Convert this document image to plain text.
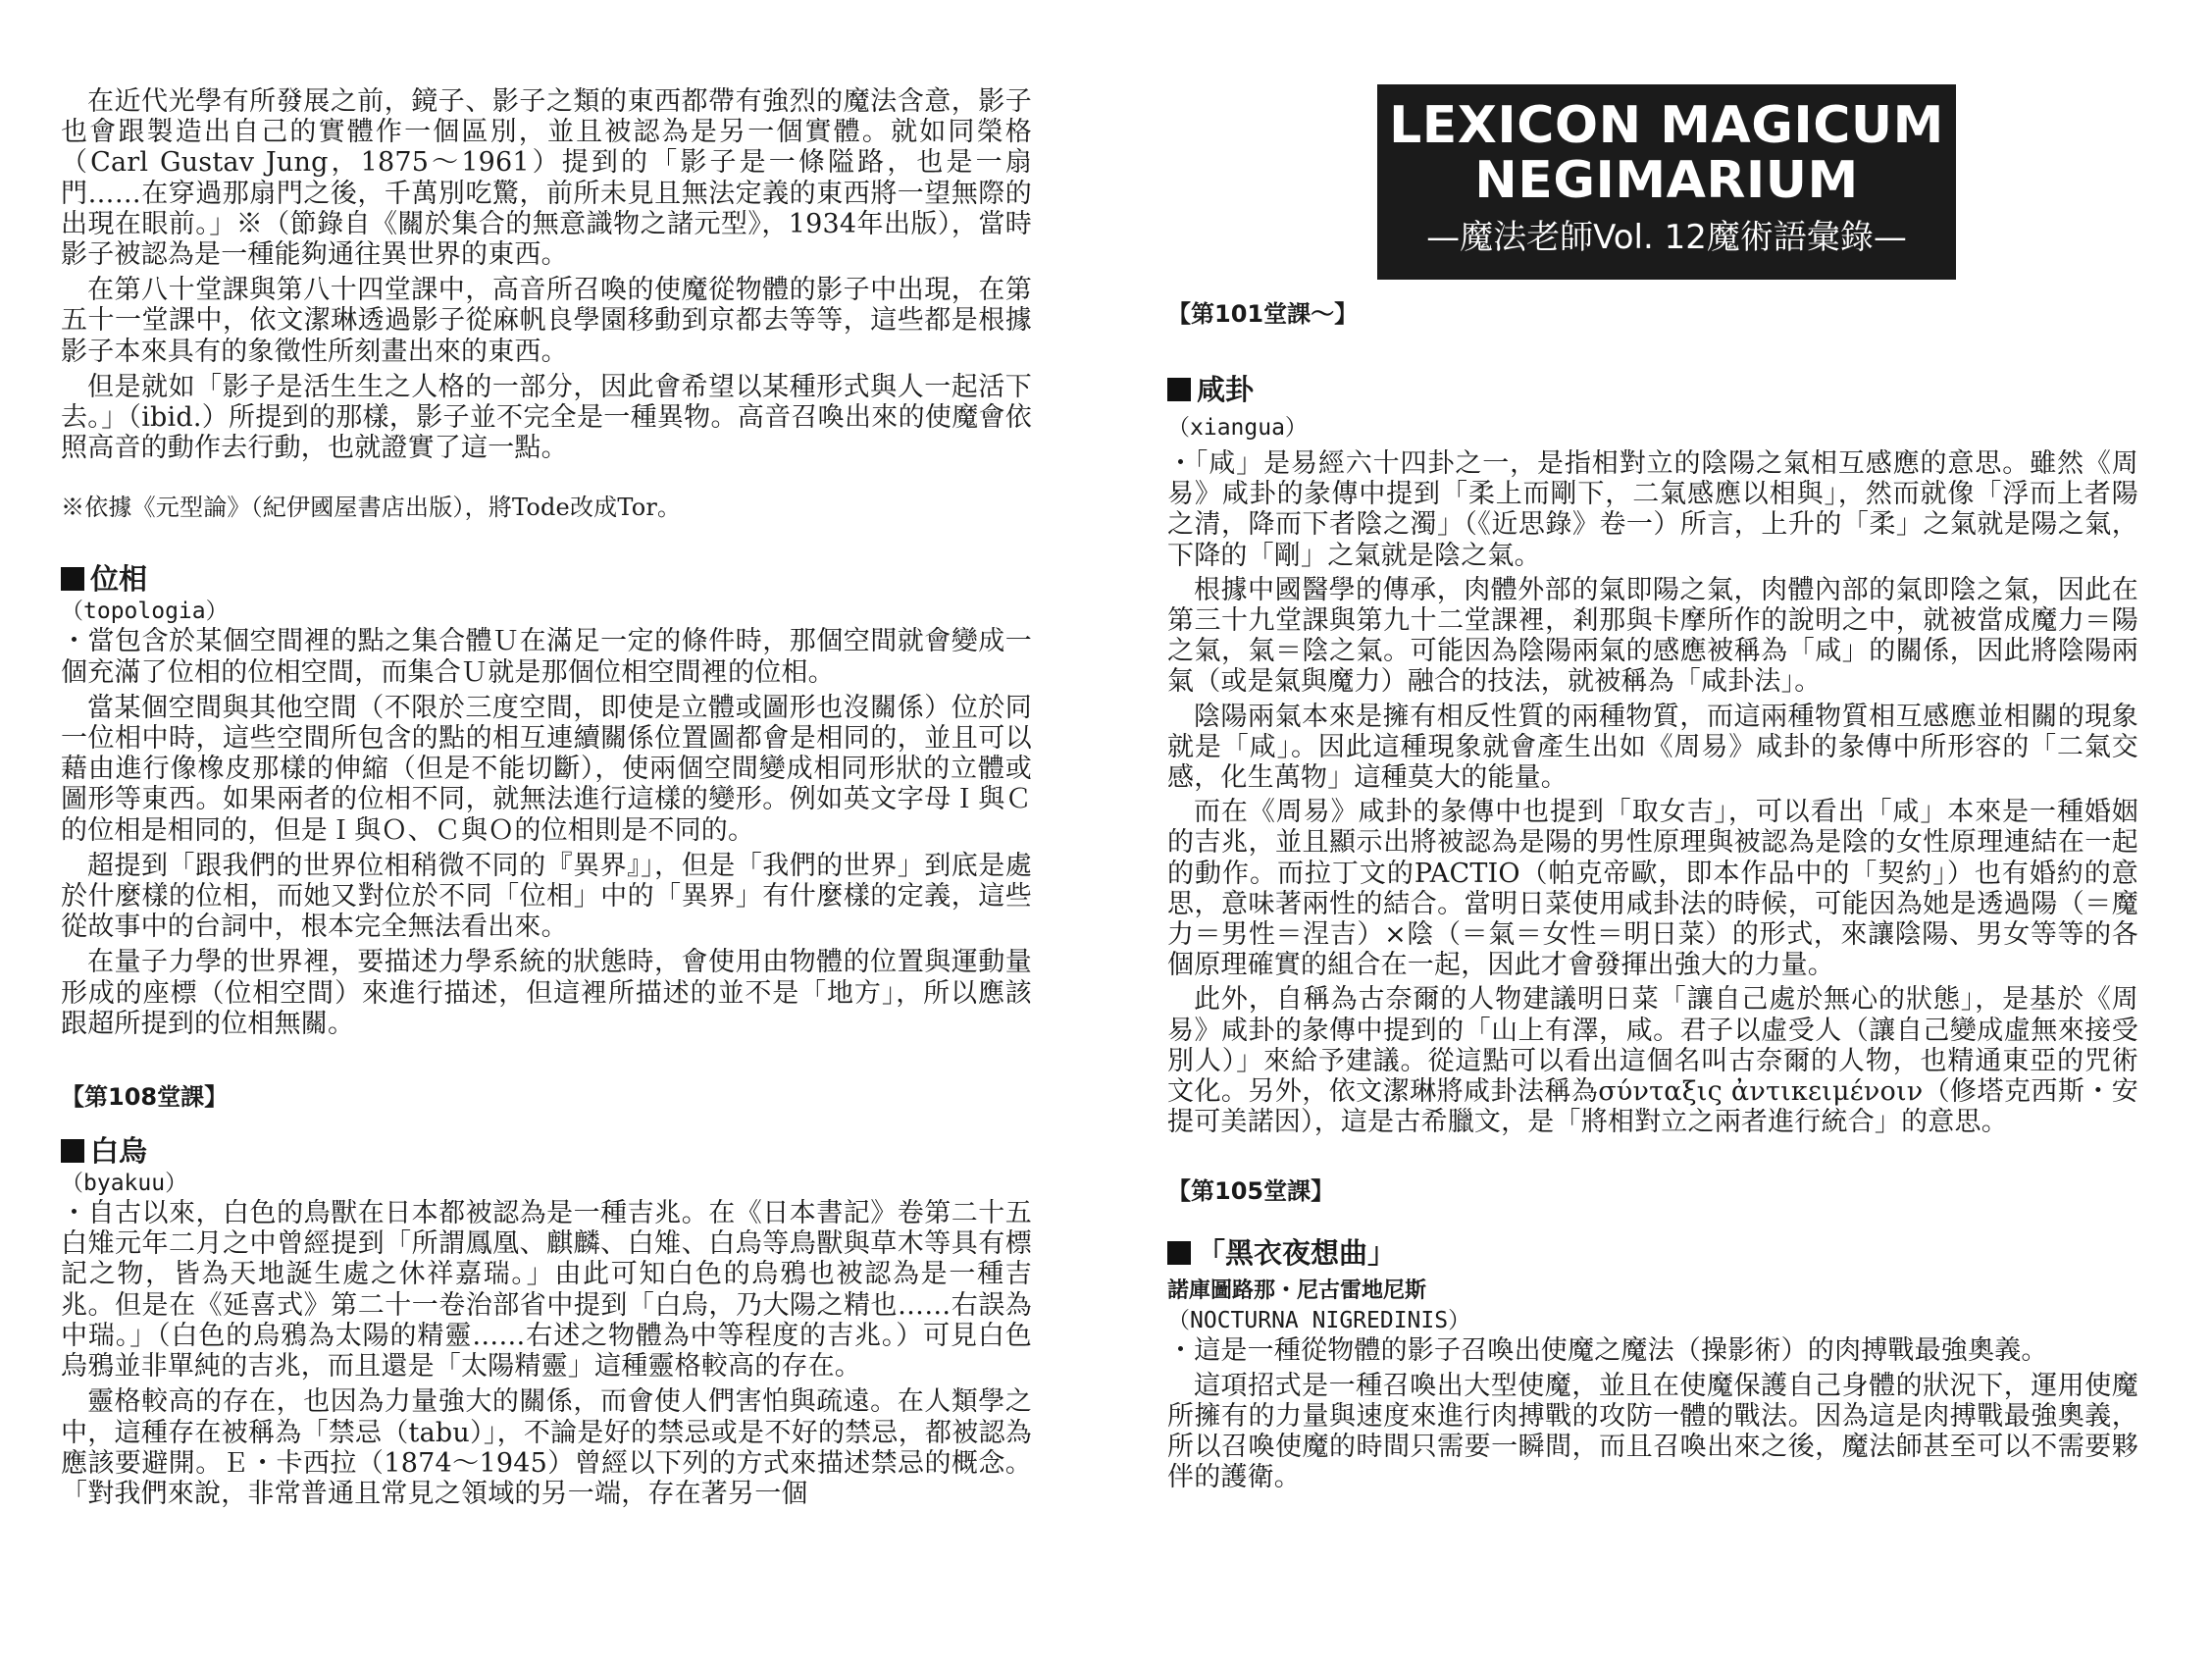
在近代光學有所發展之前，鏡子、影子之類的東西都帶有強烈的魔法含意，影子也會跟製造出自己的實體作一個區別，並且被認為是另一個實體。就如同榮格（Carl Gustav Jung，1875～1961）提到的「影子是一條隘路，也是一扇門……在穿過那扇門之後，千萬別吃驚，前所未見且無法定義的東西將一望無際的出現在眼前。」※（節錄自《關於集合的無意識物之諸元型》，1934年出版），當時影子被認為是一種能夠通往異世界的東西。

在第八十堂課與第八十四堂課中，高音所召喚的使魔從物體的影子中出現，在第五十一堂課中，依文潔琳透過影子從麻帆良學園移動到京都去等等，這些都是根據影子本來具有的象徵性所刻畫出來的東西。

但是就如「影子是活生生之人格的一部分，因此會希望以某種形式與人一起活下去。」（ibid.）所提到的那樣，影子並不完全是一種異物。高音召喚出來的使魔會依照高音的動作去行動，也就證實了這一點。

※依據《元型論》（紀伊國屋書店出版），將Tode改成Tor。

位相
（topologia）

・當包含於某個空間裡的點之集合體Ｕ在滿足一定的條件時，那個空間就會變成一個充滿了位相的位相空間，而集合Ｕ就是那個位相空間裡的位相。

當某個空間與其他空間（不限於三度空間，即使是立體或圖形也沒關係）位於同一位相中時，這些空間所包含的點的相互連續關係位置圖都會是相同的，並且可以藉由進行像橡皮那樣的伸縮（但是不能切斷），使兩個空間變成相同形狀的立體或圖形等東西。如果兩者的位相不同，就無法進行這樣的變形。例如英文字母Ｉ與Ｃ的位相是相同的，但是Ｉ與Ｏ、Ｃ與Ｏ的位相則是不同的。

超提到「跟我們的世界位相稍微不同的『異界』」，但是「我們的世界」到底是處於什麼樣的位相，而她又對位於不同「位相」中的「異界」有什麼樣的定義，這些從故事中的台詞中，根本完全無法看出來。

在量子力學的世界裡，要描述力學系統的狀態時，會使用由物體的位置與運動量形成的座標（位相空間）來進行描述，但這裡所描述的並不是「地方」，所以應該跟超所提到的位相無關。

【第108堂課】
白烏
（byakuu）

・自古以來，白色的鳥獸在日本都被認為是一種吉兆。在《日本書記》卷第二十五白雉元年二月之中曾經提到「所謂鳳凰、麒麟、白雉、白烏等鳥獸與草木等具有標記之物，皆為天地誕生處之休祥嘉瑞。」由此可知白色的烏鴉也被認為是一種吉兆。但是在《延喜式》第二十一卷治部省中提到「白烏，乃大陽之精也……右誤為中瑞。」（白色的烏鴉為太陽的精靈……右述之物體為中等程度的吉兆。）可見白色烏鴉並非單純的吉兆，而且還是「太陽精靈」這種靈格較高的存在。

靈格較高的存在，也因為力量強大的關係，而會使人們害怕與疏遠。在人類學之中，這種存在被稱為「禁忌（tabu）」，不論是好的禁忌或是不好的禁忌，都被認為應該要避開。Ｅ・卡西拉（1874～1945）曾經以下列的方式來描述禁忌的概念。「對我們來說，非常普通且常見之領域的另一端，存在著另一個

LEXICON MAGICUM
NEGIMARIUM
—魔法老師Vol. 12魔術語彙錄—
【第101堂課～】
咸卦
（xiangua）

・「咸」是易經六十四卦之一，是指相對立的陰陽之氣相互感應的意思。雖然《周易》咸卦的彖傳中提到「柔上而剛下，二氣感應以相與」，然而就像「浮而上者陽之清，降而下者陰之濁」（《近思錄》卷一）所言，上升的「柔」之氣就是陽之氣，下降的「剛」之氣就是陰之氣。

根據中國醫學的傳承，肉體外部的氣即陽之氣，肉體內部的氣即陰之氣，因此在第三十九堂課與第九十二堂課裡，剎那與卡摩所作的說明之中，就被當成魔力＝陽之氣，氣＝陰之氣。可能因為陰陽兩氣的感應被稱為「咸」的關係，因此將陰陽兩氣（或是氣與魔力）融合的技法，就被稱為「咸卦法」。

陰陽兩氣本來是擁有相反性質的兩種物質，而這兩種物質相互感應並相關的現象就是「咸」。因此這種現象就會產生出如《周易》咸卦的彖傳中所形容的「二氣交感，化生萬物」這種莫大的能量。

而在《周易》咸卦的彖傳中也提到「取女吉」，可以看出「咸」本來是一種婚姻的吉兆，並且顯示出將被認為是陽的男性原理與被認為是陰的女性原理連結在一起的動作。而拉丁文的PACTIO（帕克帝歐，即本作品中的「契約」）也有婚約的意思，意味著兩性的結合。當明日菜使用咸卦法的時候，可能因為她是透過陽（＝魔力＝男性＝涅吉）×陰（＝氣＝女性＝明日菜）的形式，來讓陰陽、男女等等的各個原理確實的組合在一起，因此才會發揮出強大的力量。

此外，自稱為古奈爾的人物建議明日菜「讓自己處於無心的狀態」，是基於《周易》咸卦的彖傳中提到的「山上有澤，咸。君子以虛受人（讓自己變成虛無來接受別人）」來給予建議。從這點可以看出這個名叫古奈爾的人物，也精通東亞的咒術文化。另外，依文潔琳將咸卦法稱為σύνταξις ἀντικειμένοιν（修塔克西斯・安提可美諾因），這是古希臘文，是「將相對立之兩者進行統合」的意思。

【第105堂課】
「黑衣夜想曲」
諾庫圖路那・尼古雷地尼斯
（NOCTURNA NIGREDINIS）

・這是一種從物體的影子召喚出使魔之魔法（操影術）的肉搏戰最強奧義。

這項招式是一種召喚出大型使魔，並且在使魔保護自己身體的狀況下，運用使魔所擁有的力量與速度來進行肉搏戰的攻防一體的戰法。因為這是肉搏戰最強奧義，所以召喚使魔的時間只需要一瞬間，而且召喚出來之後，魔法師甚至可以不需要夥伴的護衛。
